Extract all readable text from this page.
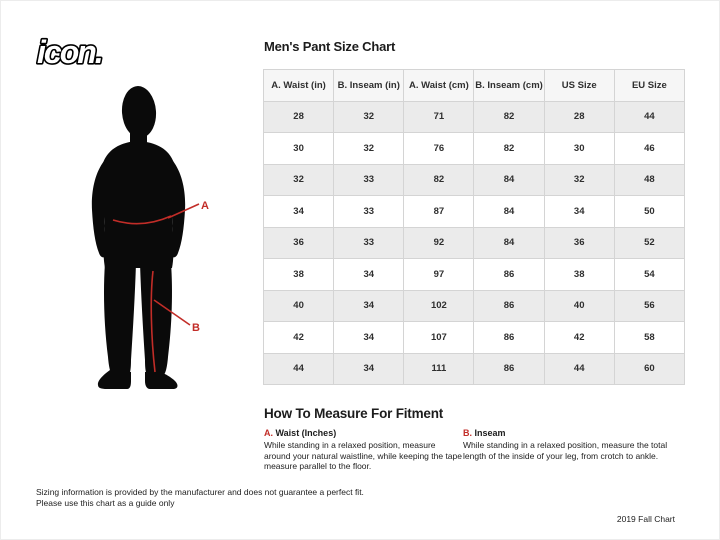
icon.
A
B
Men's Pant Size Chart
A. Waist (in)	B. Inseam (in)	A. Waist (cm)	B. Inseam (cm)	US Size	EU Size
28	32	71	82	28	44
30	32	76	82	30	46
32	33	82	84	32	48
34	33	87	84	34	50
36	33	92	84	36	52
38	34	97	86	38	54
40	34	102	86	40	56
42	34	107	86	42	58
44	34	111	86	44	60
How To Measure For Fitment
A. Waist (Inches)
While standing in a relaxed position, measure around your natural waistline, while keeping the tape measure parallel to the floor.
B. Inseam
While standing in a relaxed position, measure the total length of the inside of your leg, from crotch to ankle.
Sizing information is provided by the manufacturer and does not guarantee a perfect fit.
Please use this chart as a guide only
2019 Fall Chart
